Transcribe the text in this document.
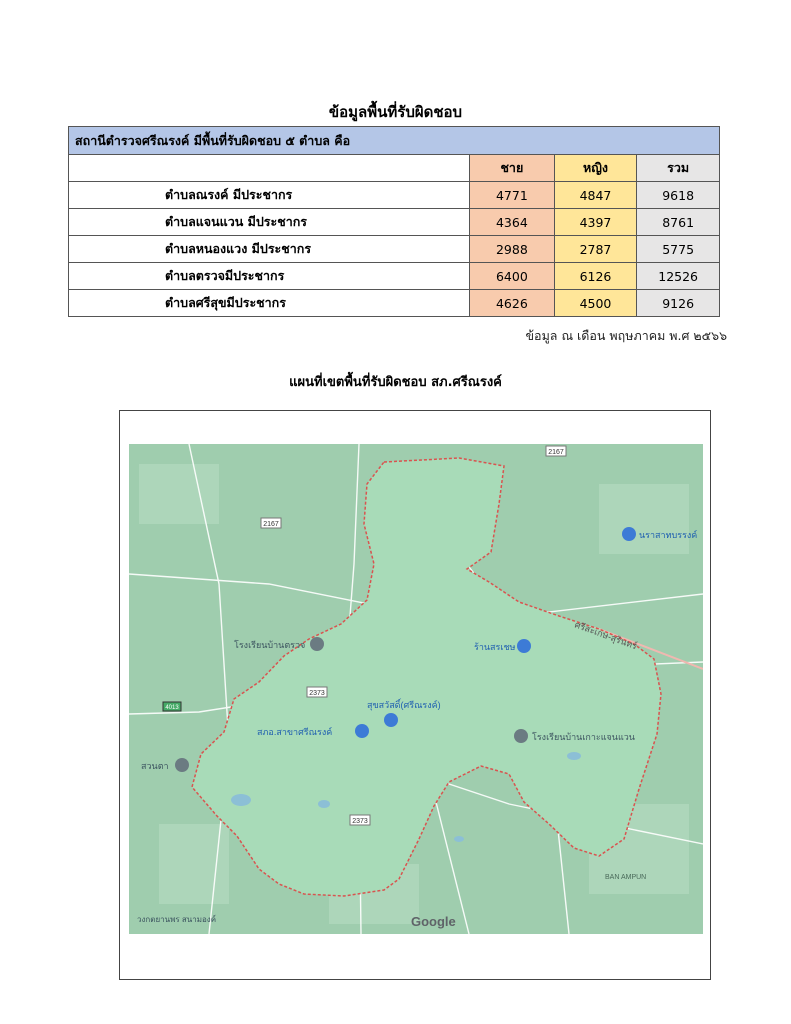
ข้อมูลพื้นที่รับผิดชอบ
สถานีตำรวจศรีณรงค์ มีพื้นที่รับผิดชอบ ๕ ตำบล คือ			
	ชาย	หญิง	รวม
ตำบลณรงค์ มีประชากร	4771	4847	9618
ตำบลแจนแวน มีประชากร	4364	4397	8761
ตำบลหนองแวง มีประชากร	2988	2787	5775
ตำบลตรวจมีประชากร	6400	6126	12526
ตำบลศรีสุขมีประชากร	4626	4500	9126
ข้อมูล ณ เดือน พฤษภาคม พ.ศ ๒๕๖๖
แผนที่เขตพื้นที่รับผิดชอบ สภ.ศรีณรงค์
2167
2167
2373
2373
4013
ศรีสะเกษ-สุรินทร์
นราสาทบรรงค์
โรงเรียนบ้านตรวจ	ร้านสรเชษ
สุขสวัสดิ์(ศรีณรงค์)
สภอ.สาขาศรีณรงค์	โรงเรียนบ้านเกาะแจนแวน
สวนตา
BAN AMPUN
วงกตยานพร สนามองค์	Google
